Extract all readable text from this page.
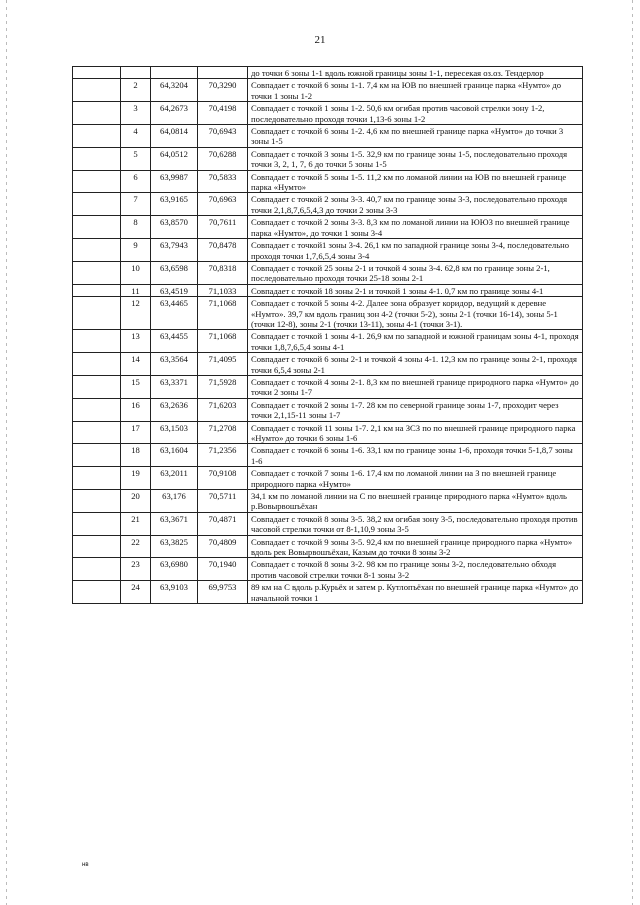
21
				до точки 6 зоны 1-1 вдоль южной границы зоны 1-1, пересекая оз.оз. Тендерлор
	2	64,3204	70,3290	Совпадает с точкой 6 зоны 1-1. 7,4 км на ЮВ по внешней границе парка «Нумто» до точки 1 зоны 1-2
	3	64,2673	70,4198	Совпадает с точкой 1 зоны 1-2. 50,6 км огибая против часовой стрелки зону 1-2, последовательно проходя точки 1,13-6 зоны 1-2
	4	64,0814	70,6943	Совпадает с точкой 6 зоны 1-2. 4,6 км по внешней границе парка «Нумто» до точки 3 зоны 1-5
	5	64,0512	70,6288	Совпадает с точкой 3 зоны 1-5. 32,9 км по границе зоны 1-5, последовательно проходя точки 3, 2, 1, 7, 6 до точки 5 зоны 1-5
	6	63,9987	70,5833	Совпадает с точкой 5 зоны 1-5. 11,2 км по ломаной линии на ЮВ по внешней границе парка «Нумто»
	7	63,9165	70,6963	Совпадает с точкой 2 зоны 3-3. 40,7 км по границе зоны 3-3, последовательно проходя точки 2,1,8,7,6,5,4,3 до точки 2 зоны 3-3
	8	63,8570	70,7611	Совпадает с точкой 2 зоны 3-3. 8,3 км по ломаной линии на ЮЮЗ по внешней границе парка «Нумто», до точки 1 зоны 3-4
	9	63,7943	70,8478	Совпадает с точкой1 зоны 3-4. 26,1 км по западной границе зоны 3-4, последовательно проходя точки 1,7,6,5,4 зоны 3-4
	10	63,6598	70,8318	Совпадает с точкой 25 зоны 2-1 и точкой 4 зоны 3-4. 62,8 км по границе зоны 2-1, последовательно проходя точки 25-18 зоны 2-1
	11	63,4519	71,1033	Совпадает с точкой 18 зоны 2-1 и точкой 1 зоны 4-1. 0,7 км по границе зоны 4-1
	12	63,4465	71,1068	Совпадает с точкой 5 зоны 4-2. Далее зона образует коридор, ведущий к деревне «Нумто». 39,7 км вдоль границ зон 4-2 (точки 5-2), зоны 2-1 (точки 16-14), зоны 5-1 (точки 12-8), зоны 2-1 (точки 13-11), зоны 4-1 (точки 3-1).
	13	63,4455	71,1068	Совпадает с точкой 1 зоны 4-1. 26,9 км по западной и южной границам зоны 4-1, проходя точки 1,8,7,6,5,4 зоны 4-1
	14	63,3564	71,4095	Совпадает с точкой 6 зоны 2-1 и точкой 4 зоны 4-1. 12,3 км по границе зоны 2-1, проходя точки 6,5,4 зоны 2-1
	15	63,3371	71,5928	Совпадает с точкой 4 зоны 2-1. 8,3 км по внешней границе природного парка «Нумто» до точки 2 зоны 1-7
	16	63,2636	71,6203	Совпадает с точкой 2 зоны 1-7. 28 км по северной границе зоны 1-7, проходит через точки 2,1,15-11 зоны 1-7
	17	63,1503	71,2708	Совпадает с точкой 11 зоны 1-7. 2,1 км на ЗСЗ по по внешней границе природного парка «Нумто» до точки 6 зоны 1-6
	18	63,1604	71,2356	Совпадает с точкой 6 зоны 1-6. 33,1 км по границе зоны 1-6, проходя точки 5-1,8,7 зоны 1-6
	19	63,2011	70,9108	Совпадает с точкой 7 зоны 1-6. 17,4 км по ломаной линии на З по внешней границе природного парка «Нумто»
	20	63,176	70,5711	34,1 км по ломаной линии на С по внешней границе природного парка «Нумто» вдоль р.Вовырвошъёхан
	21	63,3671	70,4871	Совпадает с точкой 8 зоны 3-5. 38,2 км огибая зону 3-5, последовательно проходя против часовой стрелки точки от 8-1,10,9 зоны 3-5
	22	63,3825	70,4809	Совпадает с точкой 9 зоны 3-5. 92,4 км по внешней границе природного парка «Нумто» вдоль рек Вовырвошъёхан, Казым до точки 8 зоны 3-2
	23	63,6980	70,1940	Совпадает с точкой 8 зоны 3-2. 98 км по границе зоны 3-2, последовательно обходя против часовой стрелки точки 8-1 зоны 3-2
	24	63,9103	69,9753	89 км на С вдоль р.Курьёх и затем р. Кутлопъёхан по внешней границе парка «Нумто» до начальной точки 1
нв
